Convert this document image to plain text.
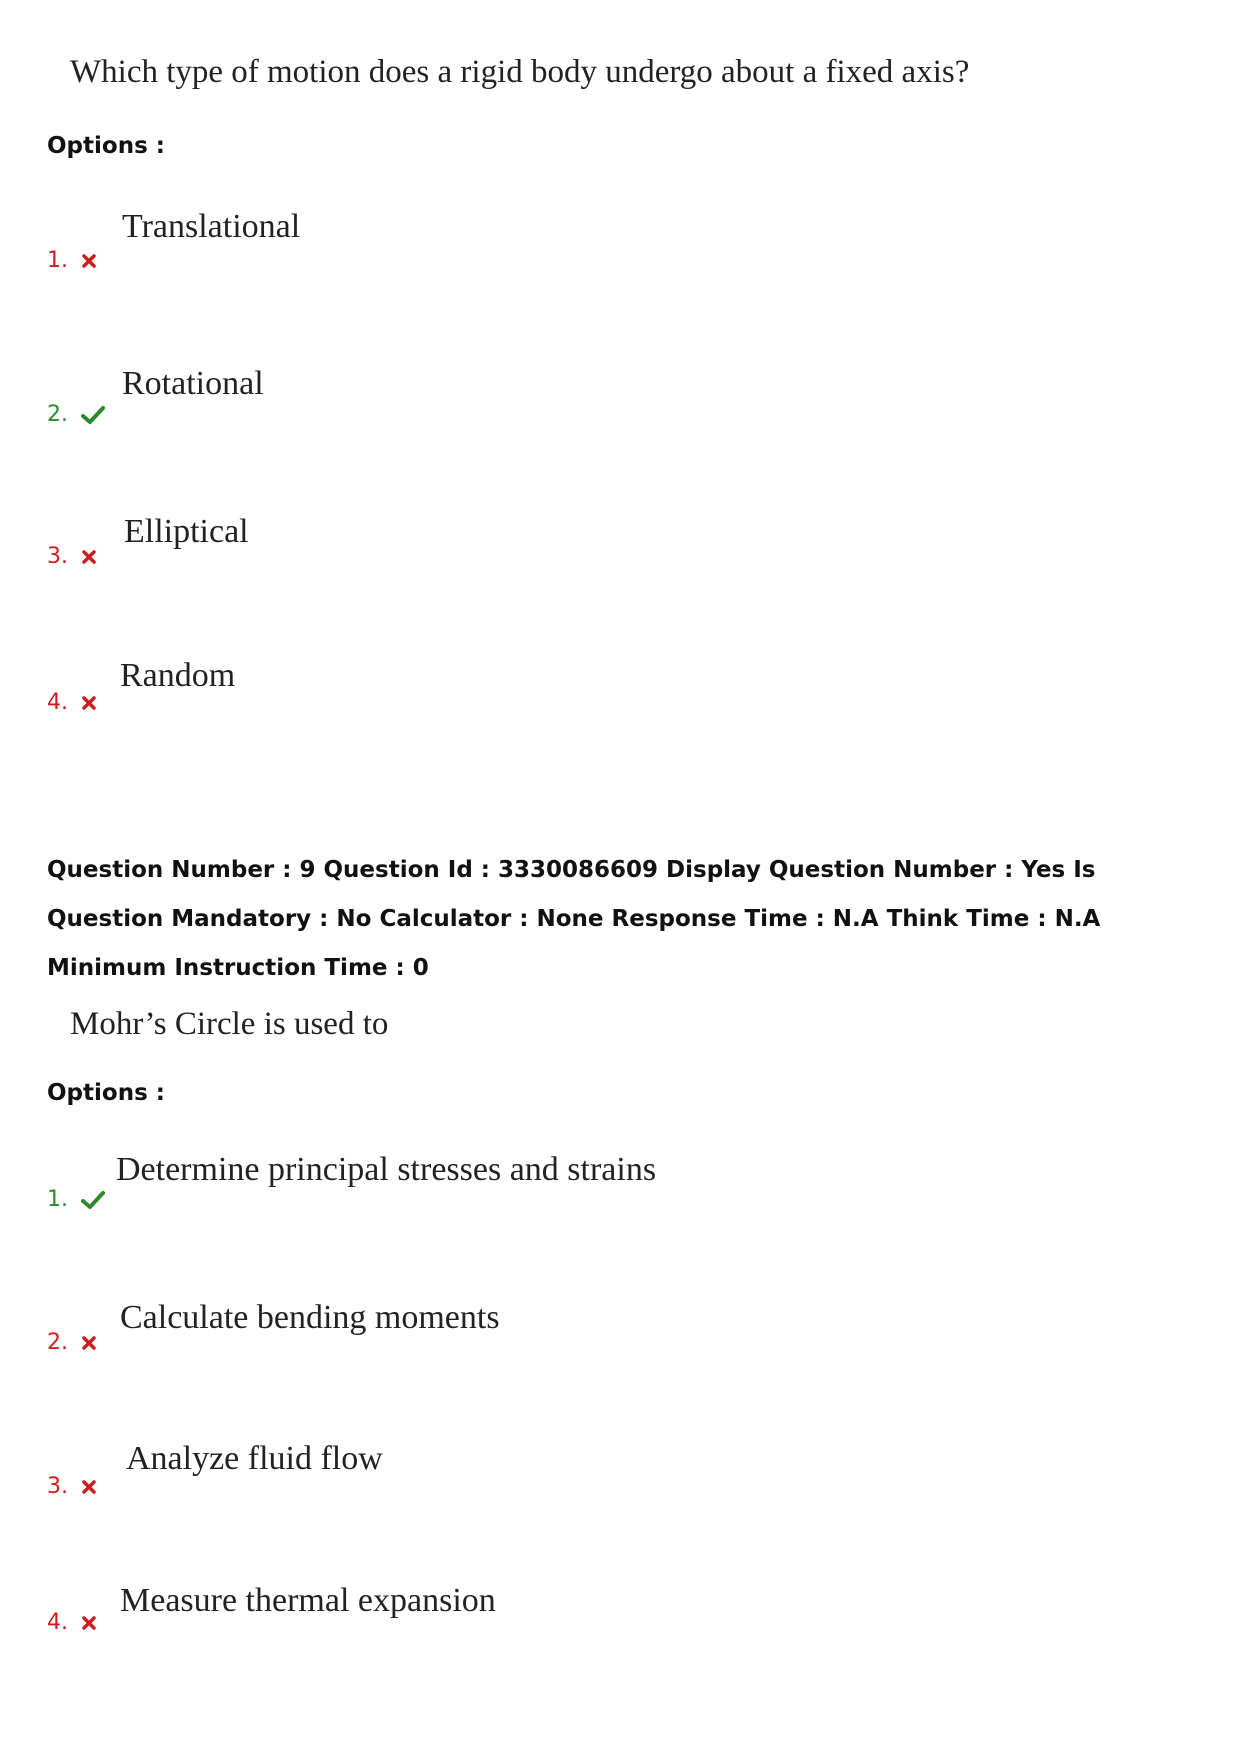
Which type of motion does a rigid body undergo about a fixed axis?
Options :
Translational
1.
Rotational
2.
Elliptical
3.
Random
4.
Question Number : 9 Question Id : 3330086609 Display Question Number : Yes Is Question Mandatory : No Calculator : None Response Time : N.A Think Time : N.A Minimum Instruction Time : 0
Mohr’s Circle is used to
Options :
Determine principal stresses and strains
1.
Calculate bending moments
2.
Analyze fluid flow
3.
Measure thermal expansion
4.
